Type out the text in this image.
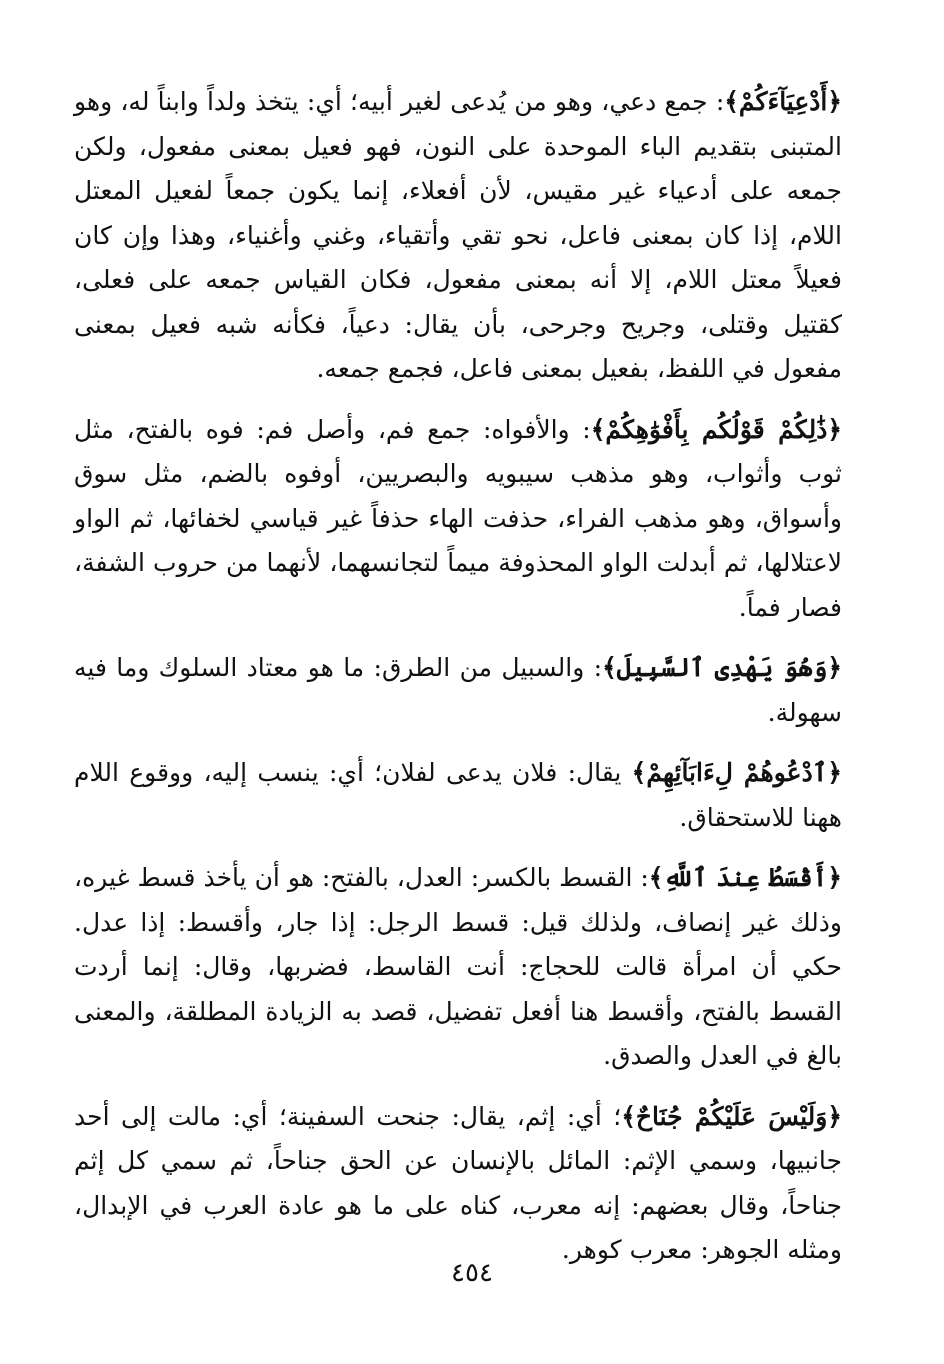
﴿أَدْعِيَآءَكُمْ﴾: جمع دعي، وهو من يُدعى لغير أبيه؛ أي: يتخذ ولداً وابناً له، وهو المتبنى بتقديم الباء الموحدة على النون، فهو فعيل بمعنى مفعول، ولكن جمعه على أدعياء غير مقيس، لأن أفعلاء، إنما يكون جمعاً لفعيل المعتل اللام، إذا كان بمعنى فاعل، نحو تقي وأتقياء، وغني وأغنياء، وهذا وإن كان فعيلاً معتل اللام، إلا أنه بمعنى مفعول، فكان القياس جمعه على فعلى، كقتيل وقتلى، وجريح وجرحى، بأن يقال: دعياً، فكأنه شبه فعيل بمعنى مفعول في اللفظ، بفعيل بمعنى فاعل، فجمع جمعه.

﴿ذَٰلِكُمْ قَوْلُكُم بِأَفْوَٰهِكُمْ﴾: والأفواه: جمع فم، وأصل فم: فوه بالفتح، مثل ثوب وأثواب، وهو مذهب سيبويه والبصريين، أوفوه بالضم، مثل سوق وأسواق، وهو مذهب الفراء، حذفت الهاء حذفاً غير قياسي لخفائها، ثم الواو لاعتلالها، ثم أبدلت الواو المحذوفة ميماً لتجانسهما، لأنهما من حروب الشفة، فصار فماً.

﴿وَهُوَ يَهْدِى ٱلسَّبِيلَ﴾: والسبيل من الطرق: ما هو معتاد السلوك وما فيه سهولة.

﴿ٱدْعُوهُمْ لِءَابَآئِهِمْ﴾ يقال: فلان يدعى لفلان؛ أي: ينسب إليه، ووقوع اللام ههنا للاستحقاق.

﴿أَقْسَطُ عِندَ ٱللَّهِ﴾: القسط بالكسر: العدل، بالفتح: هو أن يأخذ قسط غيره، وذلك غير إنصاف، ولذلك قيل: قسط الرجل: إذا جار، وأقسط: إذا عدل. حكي أن امرأة قالت للحجاج: أنت القاسط، فضربها، وقال: إنما أردت القسط بالفتح، وأقسط هنا أفعل تفضيل، قصد به الزيادة المطلقة، والمعنى بالغ في العدل والصدق.

﴿وَلَيْسَ عَلَيْكُمْ جُنَاحٌ﴾؛ أي: إثم، يقال: جنحت السفينة؛ أي: مالت إلى أحد جانبيها، وسمي الإثم: المائل بالإنسان عن الحق جناحاً، ثم سمي كل إثم جناحاً، وقال بعضهم: إنه معرب، كناه على ما هو عادة العرب في الإبدال، ومثله الجوهر: معرب كوهر.

٤٥٤
